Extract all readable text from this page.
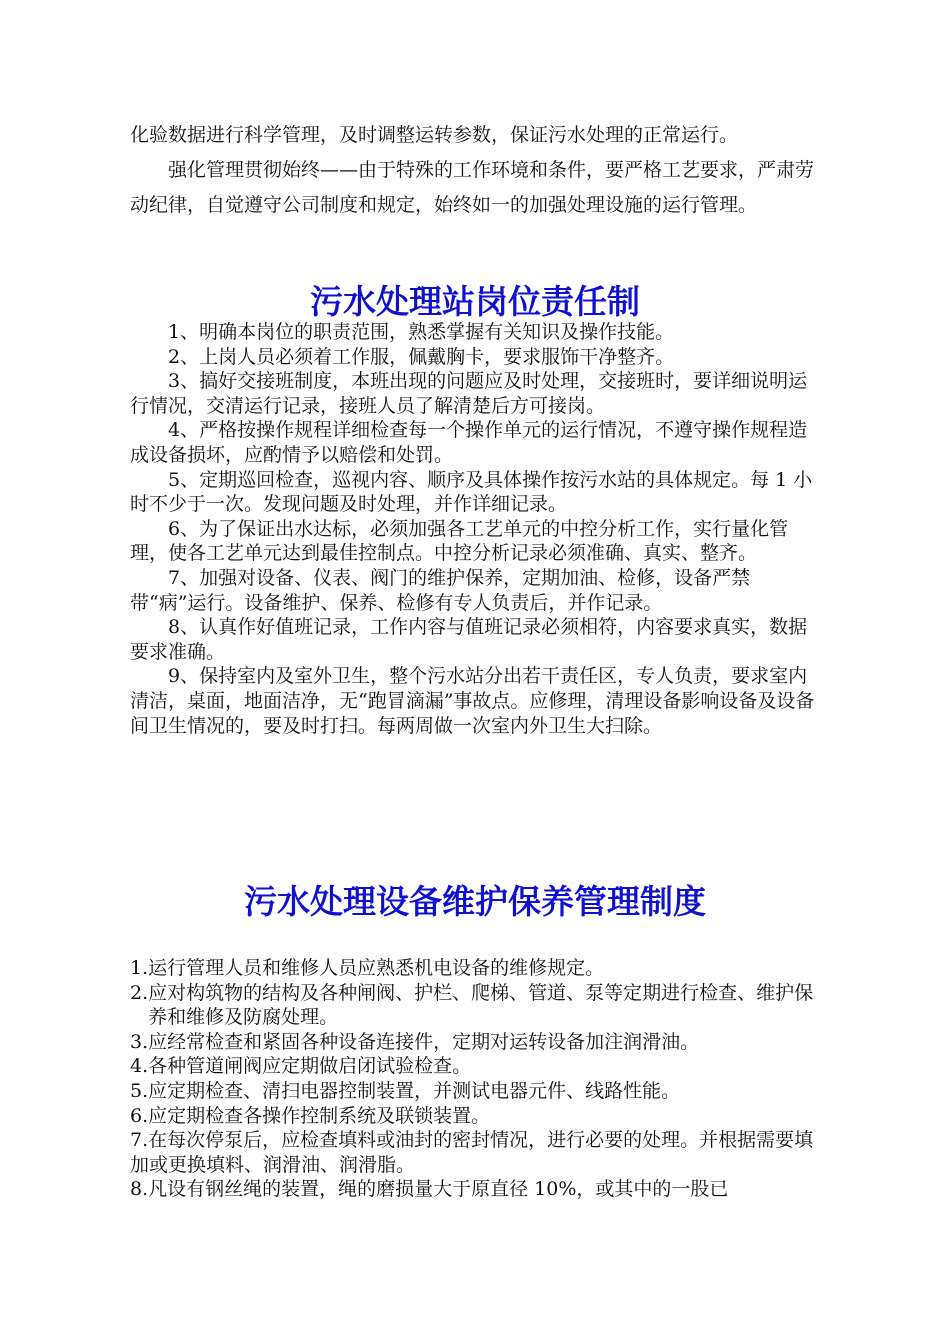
化验数据进行科学管理，及时调整运转参数，保证污水处理的正常运行。

强化管理贯彻始终——由于特殊的工作环境和条件，要严格工艺要求，严肃劳动纪律，自觉遵守公司制度和规定，始终如一的加强处理设施的运行管理。

污水处理站岗位责任制

1、明确本岗位的职责范围，熟悉掌握有关知识及操作技能。

2、上岗人员必须着工作服，佩戴胸卡，要求服饰干净整齐。

3、搞好交接班制度，本班出现的问题应及时处理，交接班时，要详细说明运行情况，交清运行记录，接班人员了解清楚后方可接岗。

4、严格按操作规程详细检查每一个操作单元的运行情况，不遵守操作规程造成设备损坏，应酌情予以赔偿和处罚。

5、定期巡回检查，巡视内容、顺序及具体操作按污水站的具体规定。每 1 小时不少于一次。发现问题及时处理，并作详细记录。

6、为了保证出水达标，必须加强各工艺单元的中控分析工作，实行量化管理，使各工艺单元达到最佳控制点。中控分析记录必须准确、真实、整齐。

7、加强对设备、仪表、阀门的维护保养，定期加油、检修，设备严禁带“病”运行。设备维护、保养、检修有专人负责后，并作记录。

8、认真作好值班记录，工作内容与值班记录必须相符，内容要求真实，数据要求准确。

9、保持室内及室外卫生，整个污水站分出若干责任区，专人负责，要求室内清洁，桌面，地面洁净，无“跑冒滴漏”事故点。应修理，清理设备影响设备及设备间卫生情况的，要及时打扫。每两周做一次室内外卫生大扫除。

污水处理设备维护保养管理制度
1. 运行管理人员和维修人员应熟悉机电设备的维修规定。
2. 应对构筑物的结构及各种闸阀、护栏、爬梯、管道、泵等定期进行检查、维护保养和维修及防腐处理。
3. 应经常检查和紧固各种设备连接件，定期对运转设备加注润滑油。
4. 各种管道闸阀应定期做启闭试验检查。
5. 应定期检查、清扫电器控制装置，并测试电器元件、线路性能。
6. 应定期检查各操作控制系统及联锁装置。
7.在每次停泵后，应检查填料或油封的密封情况，进行必要的处理。并根据需要填加或更换填料、润滑油、润滑脂。
8. 凡设有钢丝绳的装置，绳的磨损量大于原直径 10%，或其中的一股已
